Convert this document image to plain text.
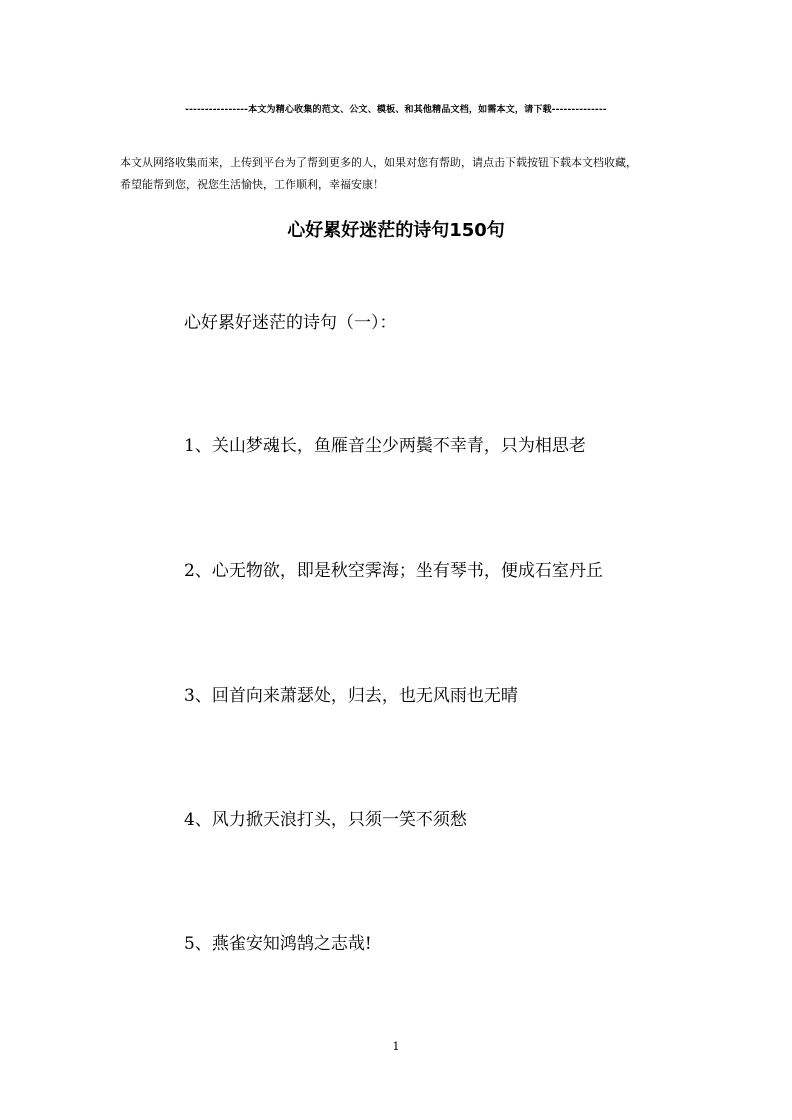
----------------本文为精心收集的范文、公文、模板、和其他精品文档，如需本文，请下载--------------
本文从网络收集而来，上传到平台为了帮到更多的人，如果对您有帮助，请点击下载按钮下载本文档收藏，
希望能帮到您，祝您生活愉快，工作顺利，幸福安康！
心好累好迷茫的诗句150句
心好累好迷茫的诗句（一）：
1、关山梦魂长，鱼雁音尘少两鬓不幸青，只为相思老
2、心无物欲，即是秋空霁海；坐有琴书，便成石室丹丘
3、回首向来萧瑟处，归去，也无风雨也无晴
4、风力掀天浪打头，只须一笑不须愁
5、燕雀安知鸿鹄之志哉!
1
